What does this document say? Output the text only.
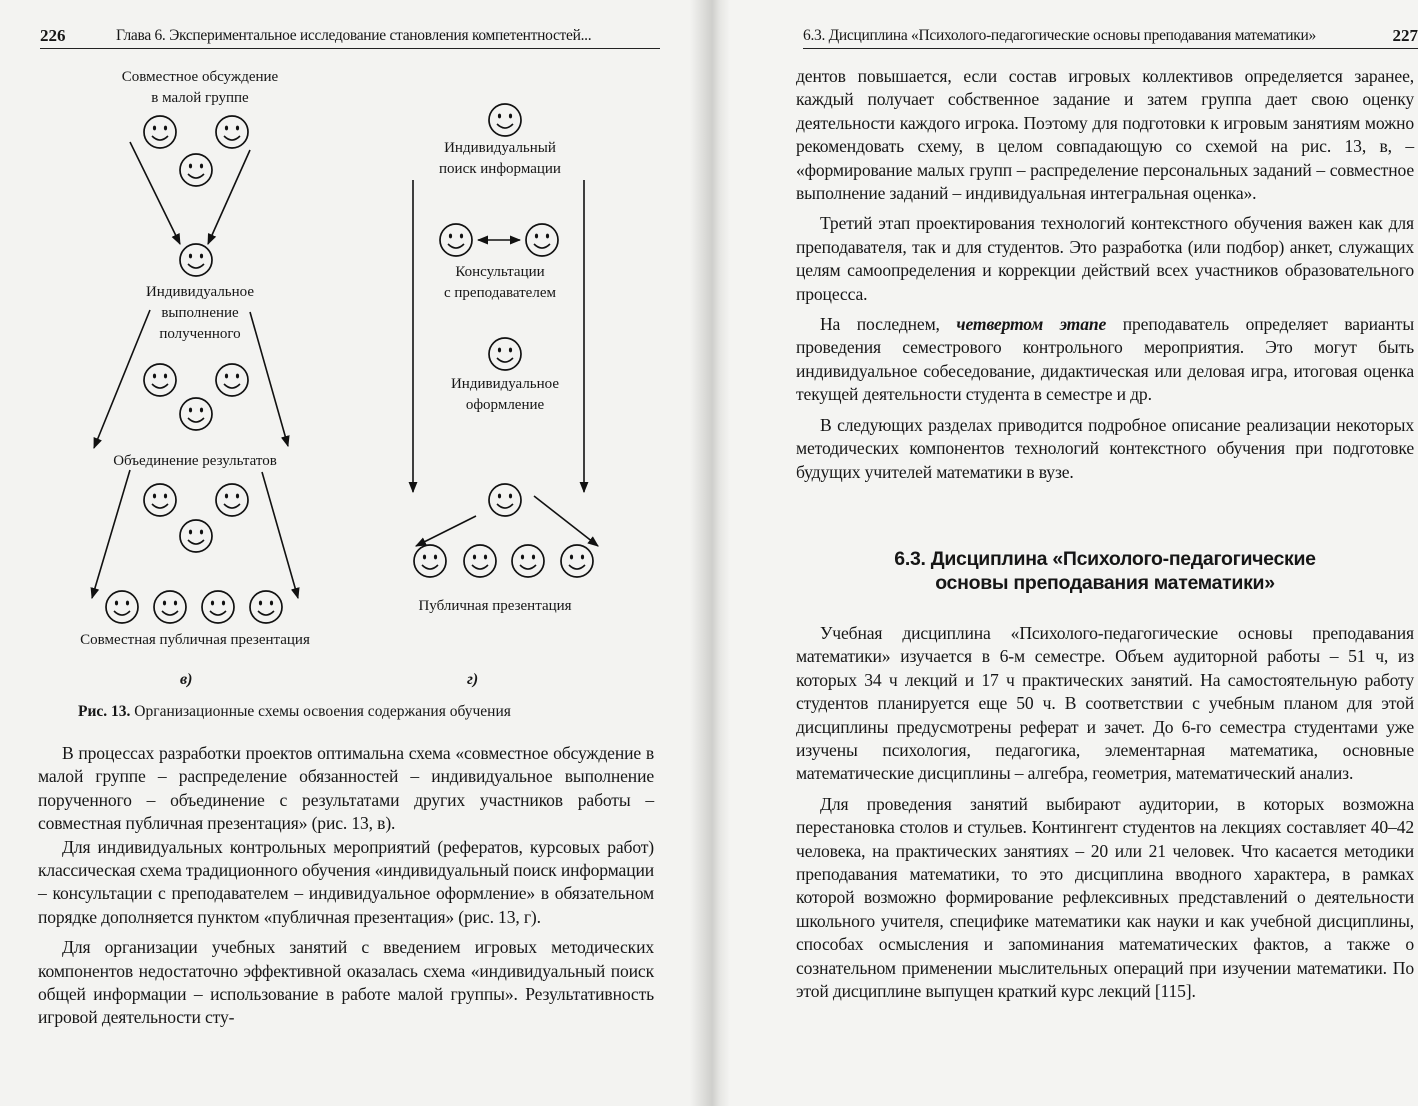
226	Глава 6. Экспериментальное исследование становления компетентностей...	6.3. Дисциплина «Психолого-педагогические основы преподавания математики»	227
Совместное обсуждение
в малой группе
Индивидуальное
выполнение
полученного
Объединение результатов
Совместная публичная презентация
Индивидуальный
поиск информации
Консультации
с преподавателем
Индивидуальное
оформление
Публичная презентация
в)	г)
Рис. 13. Организационные схемы освоения содержания обучения

В процессах разработки проектов оптимальна схема «совместное обсуждение в малой группе – распределение обязанностей – индивидуальное выполнение порученного – объединение с результатами других участников работы – совместная публичная презентация» (рис. 13, в).

Для индивидуальных контрольных мероприятий (рефератов, курсовых работ) классическая схема традиционного обучения «индивидуальный поиск информации – консультации с преподавателем – индивидуальное оформление» в обязательном порядке дополняется пунктом «публичная презентация» (рис. 13, г).

Для организации учебных занятий с введением игровых методических компонентов недостаточно эффективной оказалась схема «индивидуальный поиск общей информации – использование в работе малой группы». Результативность игровой деятельности сту-

дентов повышается, если состав игровых коллективов определяется заранее, каждый получает собственное задание и затем группа дает свою оценку деятельности каждого игрока. Поэтому для подготовки к игровым занятиям можно рекомендовать схему, в целом совпадающую со схемой на рис. 13, в, – «формирование малых групп – распределение персональных заданий – совместное выполнение заданий – индивидуальная интегральная оценка».

Третий этап проектирования технологий контекстного обучения важен как для преподавателя, так и для студентов. Это разработка (или подбор) анкет, служащих целям самоопределения и коррекции действий всех участников образовательного процесса.

На последнем, четвертом этапе преподаватель определяет варианты проведения семестрового контрольного мероприятия. Это могут быть индивидуальное собеседование, дидактическая или деловая игра, итоговая оценка текущей деятельности студента в семестре и др.

В следующих разделах приводится подробное описание реализации некоторых методических компонентов технологий контекстного обучения при подготовке будущих учителей математики в вузе.

6.3. Дисциплина «Психолого-педагогические
основы преподавания математики»

Учебная дисциплина «Психолого-педагогические основы преподавания математики» изучается в 6-м семестре. Объем аудиторной работы – 51 ч, из которых 34 ч лекций и 17 ч практических занятий. На самостоятельную работу студентов планируется еще 50 ч. В соответствии с учебным планом для этой дисциплины предусмотрены реферат и зачет. До 6-го семестра студентами уже изучены психология, педагогика, элементарная математика, основные математические дисциплины – алгебра, геометрия, математический анализ.

Для проведения занятий выбирают аудитории, в которых возможна перестановка столов и стульев. Контингент студентов на лекциях составляет 40–42 человека, на практических занятиях – 20 или 21 человек. Что касается методики преподавания математики, то это дисциплина вводного характера, в рамках которой возможно формирование рефлексивных представлений о деятельности школьного учителя, специфике математики как науки и как учебной дисциплины, способах осмысления и запоминания математических фактов, а также о сознательном применении мыслительных операций при изучении математики. По этой дисциплине выпущен краткий курс лекций [115].
